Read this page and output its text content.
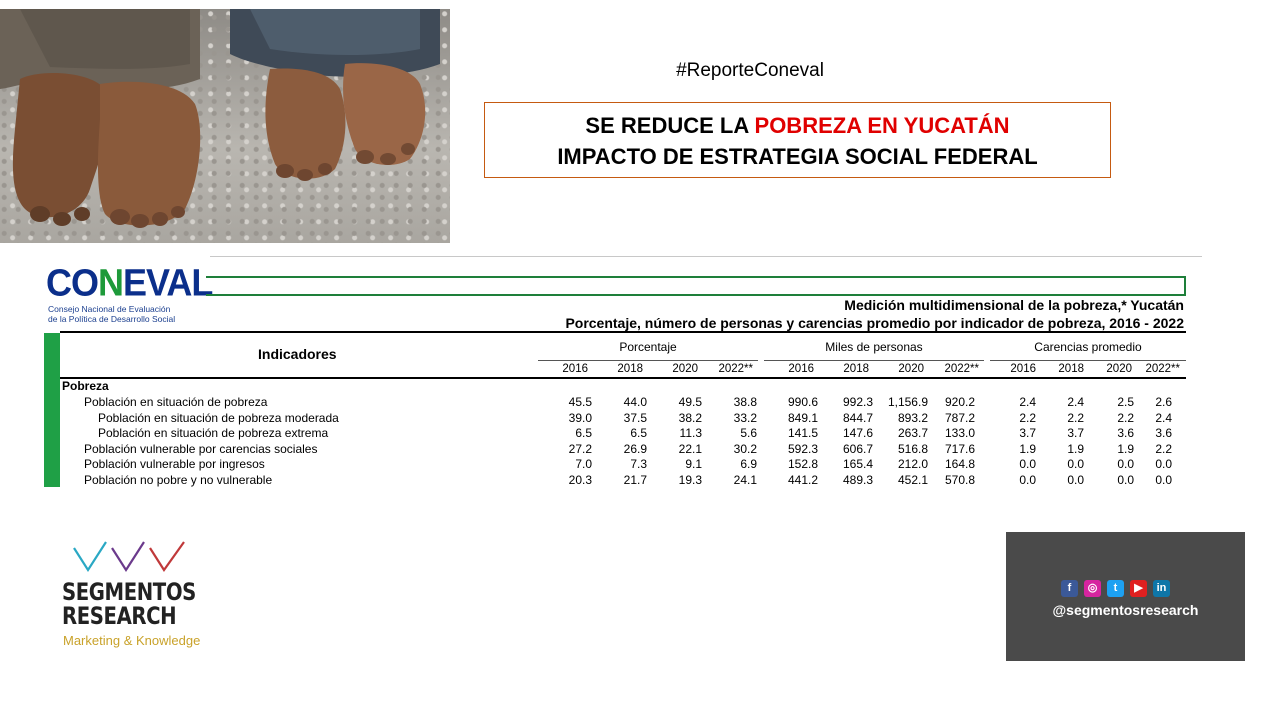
#ReporteConeval
SE REDUCE LA POBREZA EN YUCATÁN
IMPACTO DE ESTRATEGIA SOCIAL FEDERAL
CONEVAL
Consejo Nacional de Evaluación
de la Política de Desarrollo Social
Medición multidimensional de la pobreza,* Yucatán
Porcentaje, número de personas y carencias promedio por indicador de pobreza, 2016 - 2022
Indicadores	Porcentaje	Miles de personas	Carencias promedio
2016	2018	2020	2022**	2016	2018	2020	2022**	2016	2018	2020	2022**
Pobreza
Población en situación de pobreza	45.5	44.0	49.5	38.8	990.6	992.3	1,156.9	920.2	2.4	2.4	2.5	2.6
Población en situación de pobreza moderada	39.0	37.5	38.2	33.2	849.1	844.7	893.2	787.2	2.2	2.2	2.2	2.4
Población en situación de pobreza extrema	6.5	6.5	11.3	5.6	141.5	147.6	263.7	133.0	3.7	3.7	3.6	3.6
Población vulnerable por carencias sociales	27.2	26.9	22.1	30.2	592.3	606.7	516.8	717.6	1.9	1.9	1.9	2.2
Población vulnerable por ingresos	7.0	7.3	9.1	6.9	152.8	165.4	212.0	164.8	0.0	0.0	0.0	0.0
Población no pobre y no vulnerable	20.3	21.7	19.3	24.1	441.2	489.3	452.1	570.8	0.0	0.0	0.0	0.0
SEGMENTOS
RESEARCH
Marketing & Knowledge
f	◎	t	▶	in
@segmentosresearch
